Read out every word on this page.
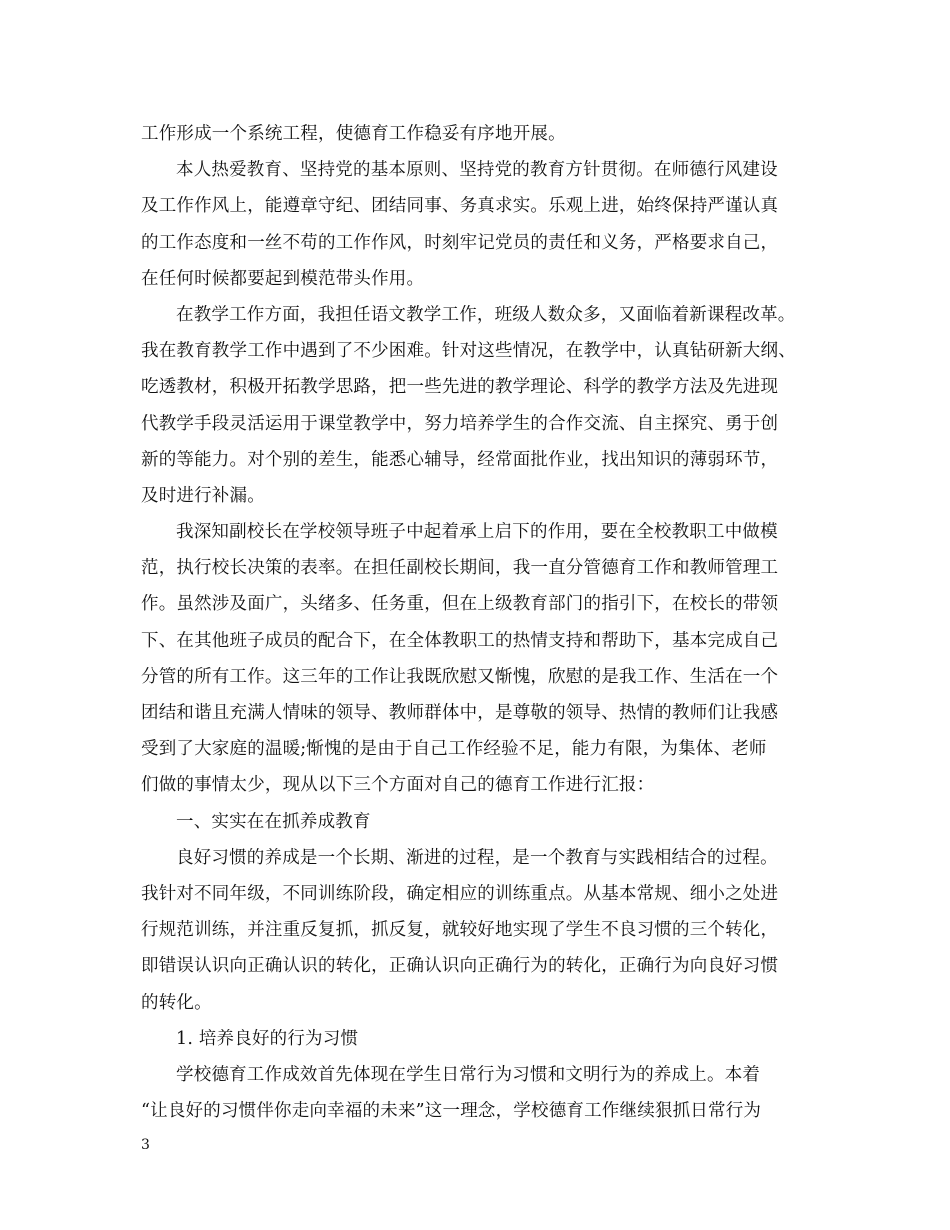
工作形成一个系统工程，使德育工作稳妥有序地开展。
本人热爱教育、坚持党的基本原则、坚持党的教育方针贯彻。在师德行风建设
及工作作风上，能遵章守纪、团结同事、务真求实。乐观上进，始终保持严谨认真
的工作态度和一丝不苟的工作作风，时刻牢记党员的责任和义务，严格要求自己，
在任何时候都要起到模范带头作用。
在教学工作方面，我担任语文教学工作，班级人数众多，又面临着新课程改革。
我在教育教学工作中遇到了不少困难。针对这些情况，在教学中，认真钻研新大纲、
吃透教材，积极开拓教学思路，把一些先进的教学理论、科学的教学方法及先进现
代教学手段灵活运用于课堂教学中，努力培养学生的合作交流、自主探究、勇于创
新的等能力。对个别的差生，能悉心辅导，经常面批作业，找出知识的薄弱环节，
及时进行补漏。
我深知副校长在学校领导班子中起着承上启下的作用，要在全校教职工中做模
范，执行校长决策的表率。在担任副校长期间，我一直分管德育工作和教师管理工
作。虽然涉及面广，头绪多、任务重，但在上级教育部门的指引下，在校长的带领
下、在其他班子成员的配合下，在全体教职工的热情支持和帮助下，基本完成自己
分管的所有工作。这三年的工作让我既欣慰又惭愧，欣慰的是我工作、生活在一个
团结和谐且充满人情味的领导、教师群体中，是尊敬的领导、热情的教师们让我感
受到了大家庭的温暖;惭愧的是由于自己工作经验不足，能力有限，为集体、老师
们做的事情太少，现从以下三个方面对自己的德育工作进行汇报：
一、实实在在抓养成教育
良好习惯的养成是一个长期、渐进的过程，是一个教育与实践相结合的过程。
我针对不同年级，不同训练阶段，确定相应的训练重点。从基本常规、细小之处进
行规范训练，并注重反复抓，抓反复，就较好地实现了学生不良习惯的三个转化，
即错误认识向正确认识的转化，正确认识向正确行为的转化，正确行为向良好习惯
的转化。
1. 培养良好的行为习惯
学校德育工作成效首先体现在学生日常行为习惯和文明行为的养成上。本着
“让良好的习惯伴你走向幸福的未来”这一理念，学校德育工作继续狠抓日常行为
3
